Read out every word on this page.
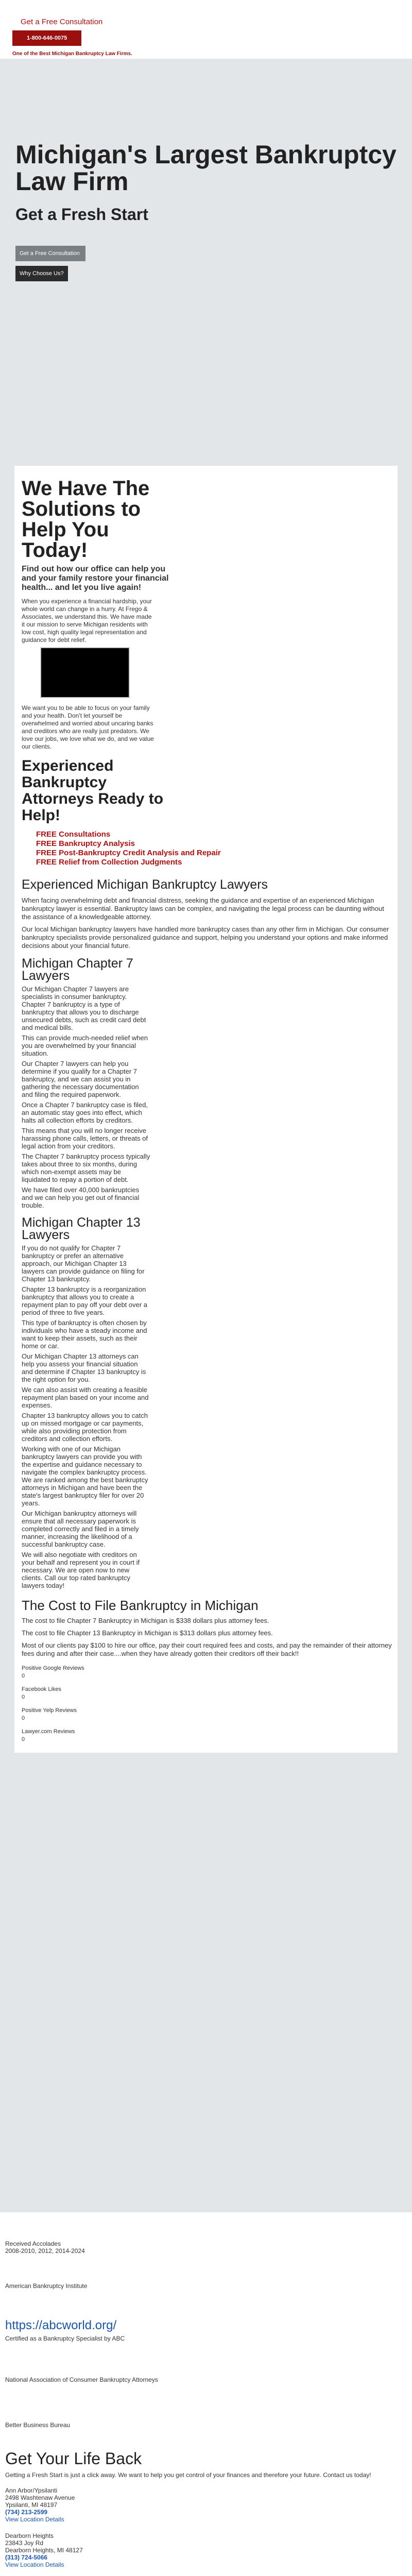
Get a Free Consultation
1-800-646-0075
One of the Best Michigan Bankruptcy Law Firms.
Michigan's Largest Bankruptcy Law Firm
Get a Fresh Start
Get a Free Consultation
Why Choose Us?
We Have The Solutions to Help You Today!

Find out how our office can help you and your family restore your financial health... and let you live again!

When you experience a financial hardship, your whole world can change in a hurry. At Frego & Associates, we understand this. We have made it our mission to serve Michigan residents with low cost, high quality legal representation and guidance for debt relief.

We want you to be able to focus on your family and your health. Don't let yourself be overwhelmed and worried about uncaring banks and creditors who are really just predators. We love our jobs, we love what we do, and we value our clients.

Experienced Bankruptcy Attorneys Ready to Help!
FREE Consultations
FREE Bankruptcy Analysis
FREE Post-Bankruptcy Credit Analysis and Repair
FREE Relief from Collection Judgments
Experienced Michigan Bankruptcy Lawyers

When facing overwhelming debt and financial distress, seeking the guidance and expertise of an experienced Michigan bankruptcy lawyer is essential. Bankruptcy laws can be complex, and navigating the legal process can be daunting without the assistance of a knowledgeable attorney.

Our local Michigan bankruptcy lawyers have handled more bankruptcy cases than any other firm in Michigan. Our consumer bankruptcy specialists provide personalized guidance and support, helping you understand your options and make informed decisions about your financial future.

Michigan Chapter 7 Lawyers

Our Michigan Chapter 7 lawyers are specialists in consumer bankruptcy. Chapter 7 bankruptcy is a type of bankruptcy that allows you to discharge unsecured debts, such as credit card debt and medical bills.

This can provide much-needed relief when you are overwhelmed by your financial situation.

Our Chapter 7 lawyers can help you determine if you qualify for a Chapter 7 bankruptcy, and we can assist you in gathering the necessary documentation and filing the required paperwork.

Once a Chapter 7 bankruptcy case is filed, an automatic stay goes into effect, which halts all collection efforts by creditors.

This means that you will no longer receive harassing phone calls, letters, or threats of legal action from your creditors.

The Chapter 7 bankruptcy process typically takes about three to six months, during which non-exempt assets may be liquidated to repay a portion of debt.

We have filed over 40,000 bankruptcies and we can help you get out of financial trouble.

Michigan Chapter 13 Lawyers

If you do not qualify for Chapter 7 bankruptcy or prefer an alternative approach, our Michigan Chapter 13 lawyers can provide guidance on filing for Chapter 13 bankruptcy.

Chapter 13 bankruptcy is a reorganization bankruptcy that allows you to create a repayment plan to pay off your debt over a period of three to five years.

This type of bankruptcy is often chosen by individuals who have a steady income and want to keep their assets, such as their home or car.

Our Michigan Chapter 13 attorneys can help you assess your financial situation and determine if Chapter 13 bankruptcy is the right option for you.

We can also assist with creating a feasible repayment plan based on your income and expenses.

Chapter 13 bankruptcy allows you to catch up on missed mortgage or car payments, while also providing protection from creditors and collection efforts.

Working with one of our Michigan bankruptcy lawyers can provide you with the expertise and guidance necessary to navigate the complex bankruptcy process. We are ranked among the best bankruptcy attorneys in Michigan and have been the state's largest bankruptcy filer for over 20 years.

Our Michigan bankruptcy attorneys will ensure that all necessary paperwork is completed correctly and filed in a timely manner, increasing the likelihood of a successful bankruptcy case.

We will also negotiate with creditors on your behalf and represent you in court if necessary. We are open now to new clients. Call our top rated bankruptcy lawyers today!

The Cost to File Bankruptcy in Michigan

The cost to file Chapter 7 Bankruptcy in Michigan is $338 dollars plus attorney fees.

The cost to file Chapter 13 Bankruptcy in Michigan is $313 dollars plus attorney fees.

Most of our clients pay $100 to hire our office, pay their court required fees and costs, and pay the remainder of their attorney fees during and after their case....when they have already gotten their creditors off their back!!

Positive Google Reviews
0
Facebook Likes
0
Positive Yelp Reviews
0
Lawyer.com Reviews
0
Received Accolades
2008-2010, 2012, 2014-2024
American Bankruptcy Institute
https://abcworld.org/
Certified as a Bankruptcy Specialist by ABC
National Association of Consumer Bankruptcy Attorneys
Better Business Bureau
Get Your Life Back
Getting a Fresh Start is just a click away. We want to help you get control of your finances and therefore your future. Contact us today!
Ann Arbor/Ypsilanti
2498 Washtenaw Avenue
Ypsilanti, MI 48197
(734) 213-2599
View Location Details
Dearborn Heights
23843 Joy Rd
Dearborn Heights, MI 48127
(313) 724-5066
View Location Details
